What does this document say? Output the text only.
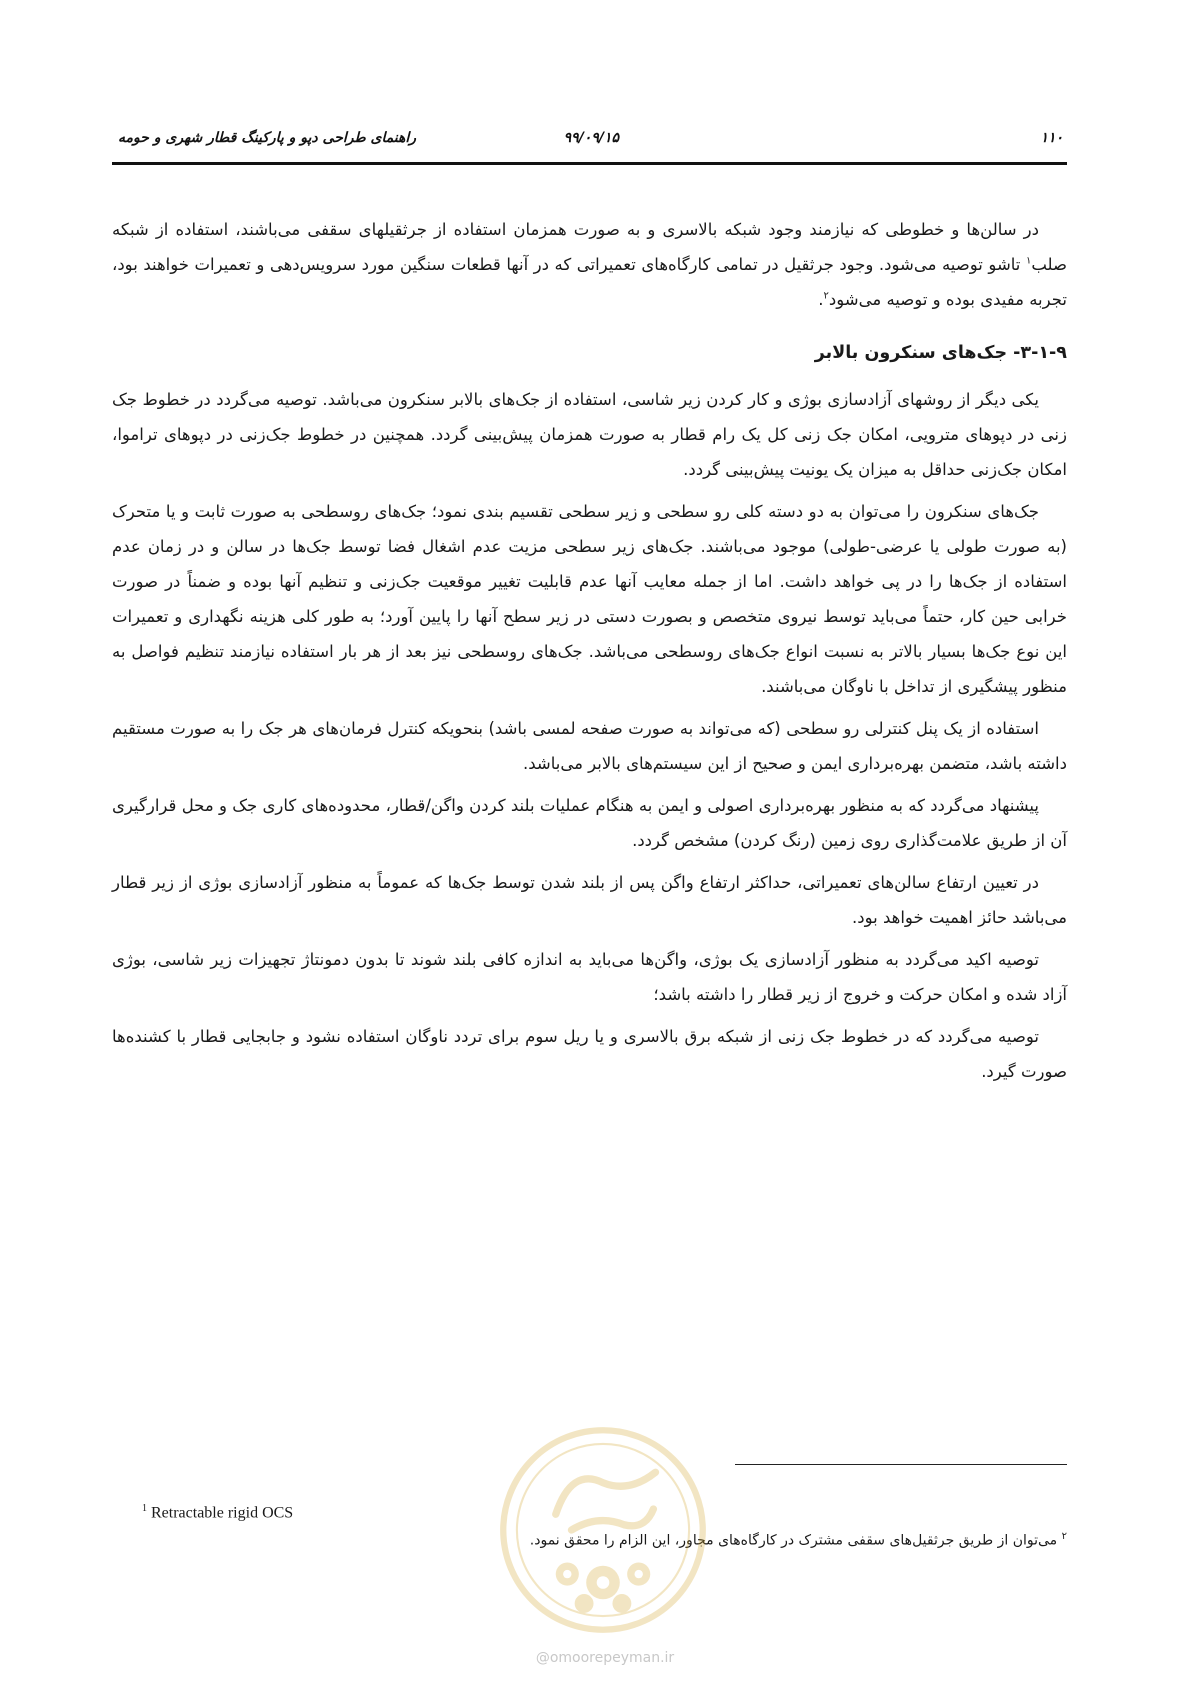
۱۱۰
۹۹/۰۹/۱۵
راهنمای طراحی دپو و پارکینگ قطار شهری و حومه

در سالن‌ها و خطوطی که نیازمند وجود شبکه بالاسری و به صورت همزمان استفاده از جرثقیلهای سقفی می‌باشند، استفاده از شبکه صلب$^۱$ تاشو توصیه می‌شود. وجود جرثقیل در تمامی کارگاه‌های تعمیراتی که در آنها قطعات سنگین مورد سرویس‌دهی و تعمیرات خواهند بود، تجربه مفیدی بوده و توصیه می‌شود$^۲$.

۳-۱-۹- جک‌های سنکرون بالابر

یکی دیگر از روشهای آزادسازی بوژی و کار کردن زیر شاسی، استفاده از جک‌های بالابر سنکرون می‌باشد. توصیه می‌گردد در خطوط جک زنی در دپوهای مترویی، امکان جک زنی کل یک رام قطار به صورت همزمان پیش‌بینی گردد. همچنین در خطوط جک‌زنی در دپوهای تراموا، امکان جک‌زنی حداقل به میزان یک یونیت پیش‌بینی گردد.

جک‌های سنکرون را می‌توان به دو دسته کلی رو سطحی و زیر سطحی تقسیم بندی نمود؛ جک‌های روسطحی به صورت ثابت و یا متحرک (به صورت طولی یا عرضی-طولی) موجود می‌باشند. جک‌های زیر سطحی مزیت عدم اشغال فضا توسط جک‌ها در سالن و در زمان عدم استفاده از جک‌ها را در پی خواهد داشت. اما از جمله معایب آنها عدم قابلیت تغییر موقعیت جک‌زنی و تنظیم آنها بوده و ضمناً در صورت خرابی حین کار، حتماً می‌باید توسط نیروی متخصص و بصورت دستی در زیر سطح آنها را پایین آورد؛ به طور کلی هزینه نگهداری و تعمیرات این نوع جک‌ها بسیار بالاتر به نسبت انواع جک‌های روسطحی می‌باشد. جک‌های روسطحی نیز بعد از هر بار استفاده نیازمند تنظیم فواصل به منظور پیشگیری از تداخل با ناوگان می‌باشند.

استفاده از یک پنل کنترلی رو سطحی (که می‌تواند به صورت صفحه لمسی باشد) بنحویکه کنترل فرمان‌های هر جک را به صورت مستقیم داشته باشد، متضمن بهره‌برداری ایمن و صحیح از این سیستم‌های بالابر می‌باشد.

پیشنهاد می‌گردد که به منظور بهره‌برداری اصولی و ایمن به هنگام عملیات بلند کردن واگن/قطار، محدوده‌های کاری جک و محل قرارگیری آن از طریق علامت‌گذاری روی زمین (رنگ کردن) مشخص گردد.

در تعیین ارتفاع سالن‌های تعمیراتی، حداکثر ارتفاع واگن پس از بلند شدن توسط جک‌ها که عموماً به منظور آزادسازی بوژی از زیر قطار می‌باشد حائز اهمیت خواهد بود.

توصیه اکید می‌گردد به منظور آزادسازی یک بوژی، واگن‌ها می‌باید به اندازه کافی بلند شوند تا بدون دمونتاژ تجهیزات زیر شاسی، بوژی آزاد شده و امکان حرکت و خروج از زیر قطار را داشته باشد؛

توصیه می‌گردد که در خطوط جک زنی از شبکه برق بالاسری و یا ریل سوم برای تردد ناوگان استفاده نشود و جابجایی قطار با کشنده‌ها صورت گیرد.

$^1$ Retractable rigid OCS
$^۲$ می‌توان از طریق جرثقیل‌های سقفی مشترک در کارگاه‌های مجاور، این الزام را محقق نمود.
@omoorepeyman.ir
